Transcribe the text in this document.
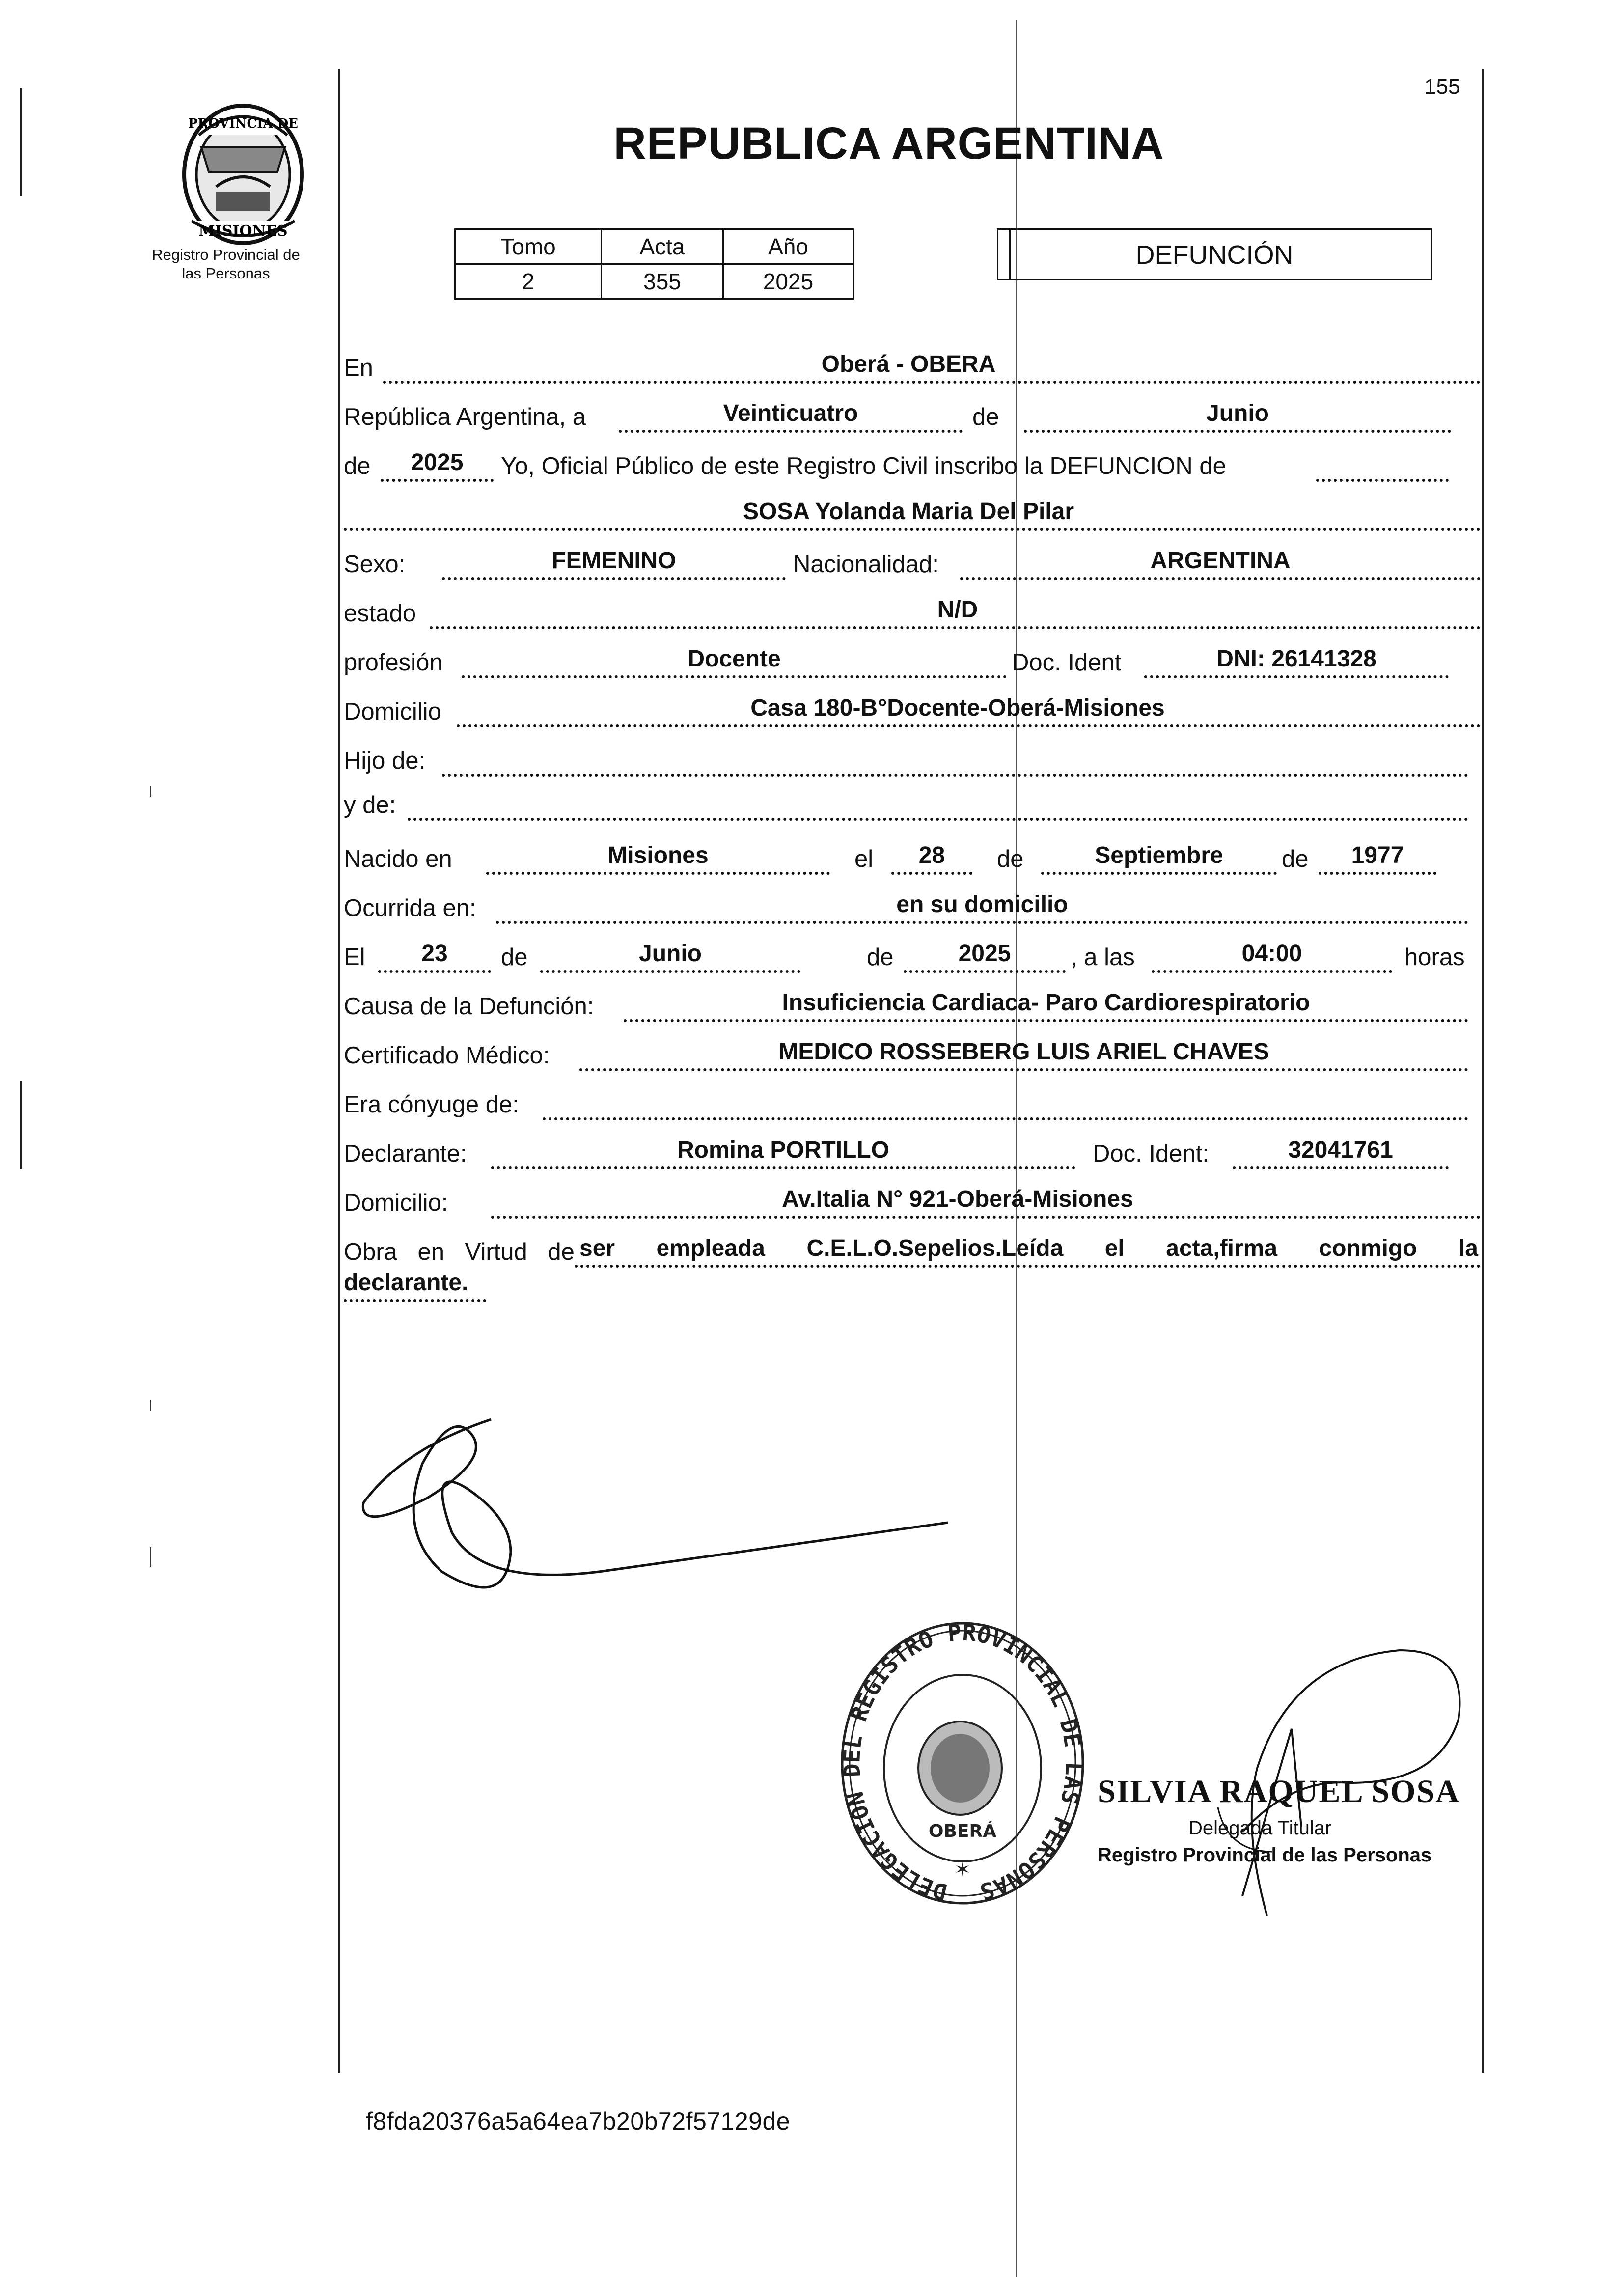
155
PROVINCIA DE
MISIONES
Registro Provincial de
las Personas
REPUBLICA ARGENTINA
Tomo	Acta	Año
2	355	2025
DEFUNCIÓN
En	Oberá - OBERA
República Argentina, a	Veinticuatro	de	Junio
de	2025	Yo, Oficial Público de este Registro Civil inscribo la DEFUNCION de
SOSA Yolanda Maria Del Pilar
Sexo:	FEMENINO	Nacionalidad:	ARGENTINA
estado	N/D
profesión	Docente	Doc. Ident	DNI: 26141328
Domicilio	Casa 180-B°Docente-Oberá-Misiones
Hijo de:
y de:
Nacido en	Misiones	el	28	de	Septiembre	de	1977
Ocurrida en:	en su domicilio
El	23	de	Junio	de	2025	, a las	04:00	horas
Causa de la Defunción:	Insuficiencia Cardiaca- Paro Cardiorespiratorio
Certificado Médico:	MEDICO ROSSEBERG LUIS ARIEL CHAVES
Era cónyuge de:
Declarante:	Romina PORTILLO	Doc. Ident:	32041761
Domicilio:	Av.Italia N° 921-Oberá-Misiones
Obra en Virtud de ser empleada C.E.L.O.Sepelios.Leída el acta,firma conmigo la
declarante.
DELEGACION DEL REGISTRO PROVINCIAL DE LAS PERSONAS
OBERÁ
✶
SILVIA RAQUEL SOSA
Delegada Titular
Registro Provincial de las Personas
f8fda20376a5a64ea7b20b72f57129de
